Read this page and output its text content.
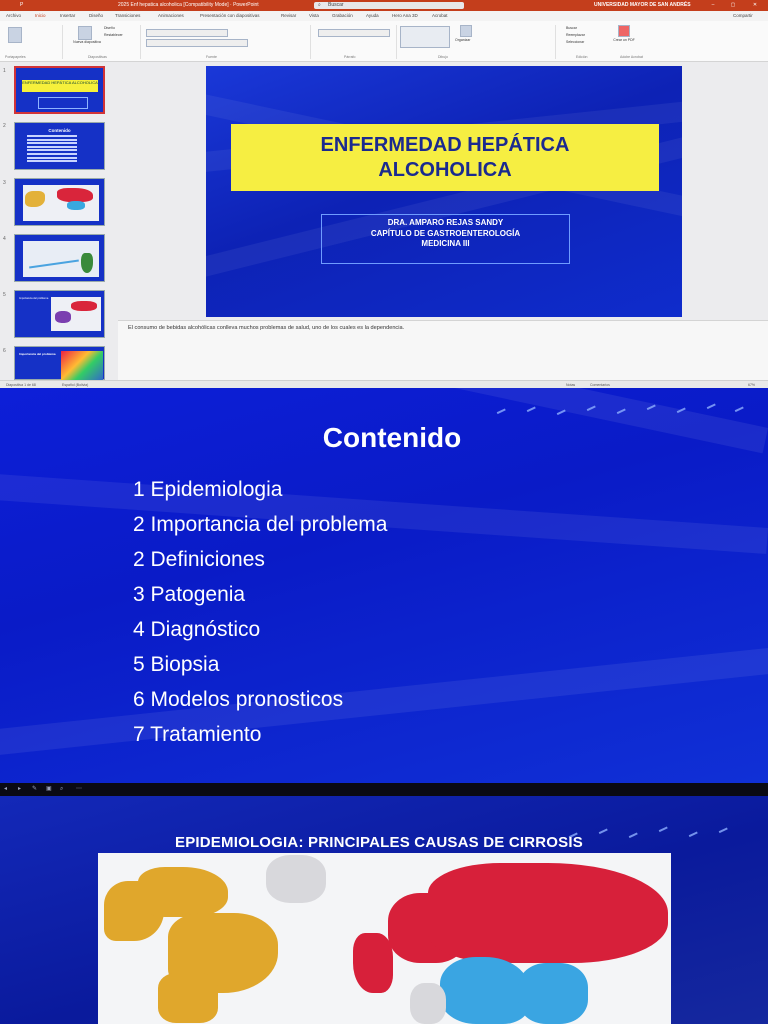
P	2025 Enf hepatica alcoholica [Compatibility Mode] · PowerPoint	⌕ Buscar	UNIVERSIDAD MAYOR DE SAN ANDRÉS	–	▢	✕
Archivo	Inicio	Insertar	Diseño	Transiciones	Animaciones	Presentación con diapositivas	Revisar	Vista	Grabación	Ayuda	Hero Ana 3D	Acrobat	Compartir
Nueva diapositiva
Diseño
Restablecer
Organizar
Buscar
Reemplazar
Seleccionar	Crear un PDF
Portapapeles	Diapositivas	Fuente	Párrafo	Dibujo	Edición	Adobe Acrobat
1
ENFERMEDAD HEPÁTICA ALCOHOLICA
2
Contenido
3
4
5
Importancia del problema
6	Importancia del problema
ENFERMEDAD HEPÁTICA
ALCOHOLICA
DRA. AMPARO REJAS SANDY
CAPÍTULO DE GASTROENTEROLOGÍA
MEDICINA III
El consumo de bebidas alcohólicas conlleva muchos problemas de salud, uno de los cuales es la dependencia.
Diapositiva 1 de 68	Español (Bolivia)	Notas	Comentarios	67%
Contenido
1 Epidemiologia
2 Importancia del problema
2 Definiciones
3 Patogenia
4 Diagnóstico
5 Biopsia
6 Modelos pronosticos
7 Tratamiento
◂ ▸ ✎ ▣ ⌕ ⋯
EPIDEMIOLOGIA: PRINCIPALES CAUSAS DE CIRROSIS
